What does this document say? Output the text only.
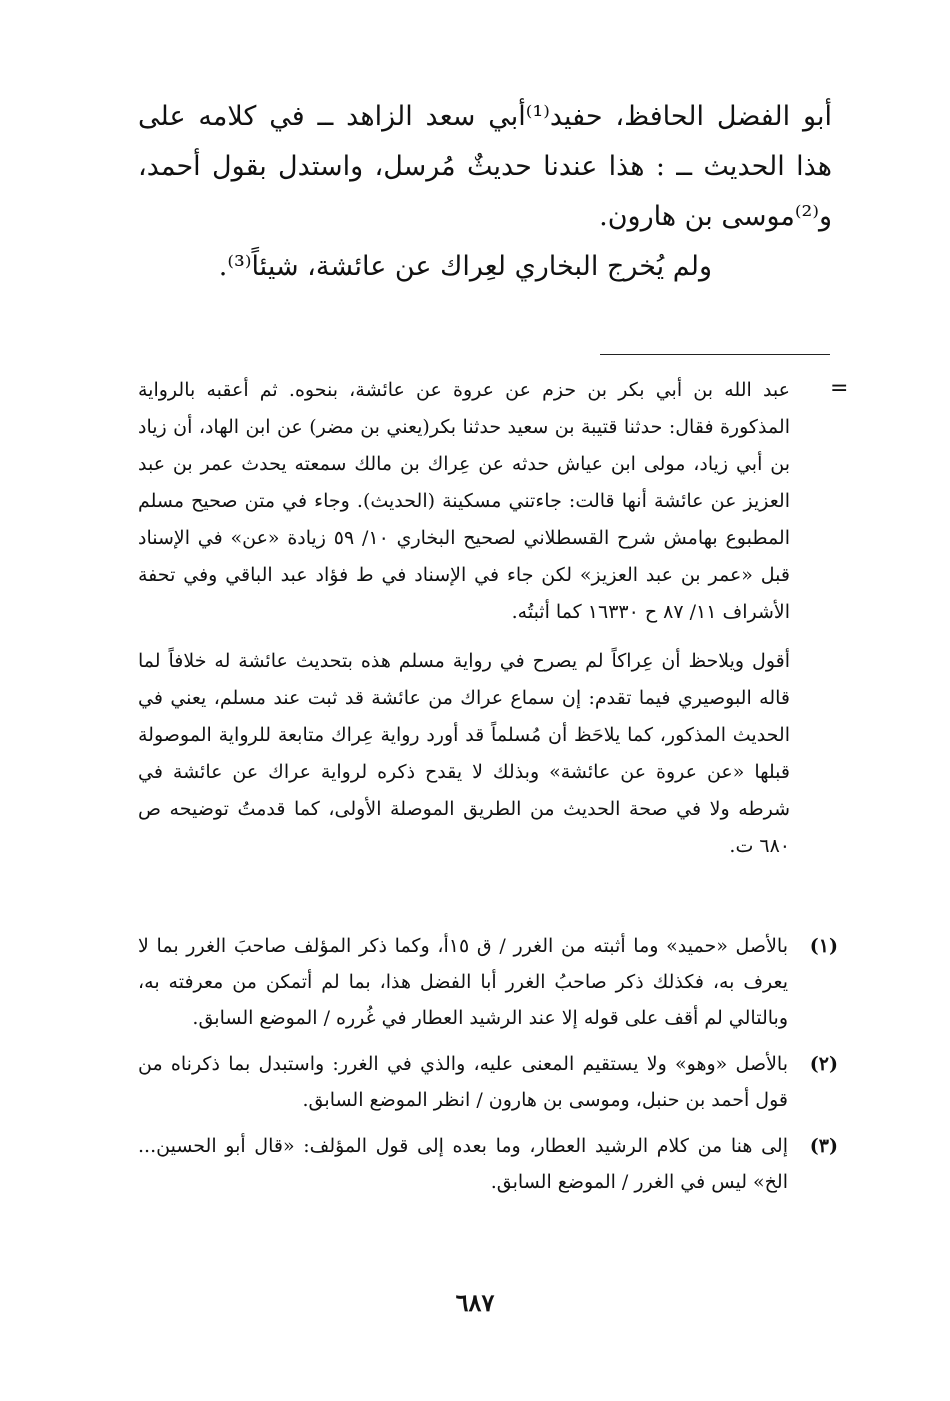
أبو الفضل الحافظ، حفيد⁽¹⁾أبي سعد الزاهد ــ في كلامه على هذا الحديث ــ : هذا عندنا حديثٌ مُرسل، واستدل بقول أحمد، و⁽²⁾موسى بن هارون.

ولم يُخرج البخاري لعِراك عن عائشة، شيئاً⁽³⁾.

=

عبد الله بن أبي بكر بن حزم عن عروة عن عائشة، بنحوه. ثم أعقبه بالرواية المذكورة فقال: حدثنا قتيبة بن سعيد حدثنا بكر(يعني بن مضر) عن ابن الهاد، أن زياد بن أبي زياد، مولى ابن عياش حدثه عن عِراك بن مالك سمعته يحدث عمر بن عبد العزيز عن عائشة أنها قالت: جاءتني مسكينة (الحديث). وجاء في متن صحيح مسلم المطبوع بهامش شرح القسطلاني لصحيح البخاري ١٠/ ٥٩ زيادة «عن» في الإسناد قبل «عمر بن عبد العزيز» لكن جاء في الإسناد في ط فؤاد عبد الباقي وفي تحفة الأشراف ١١/ ٨٧ ح ١٦٣٣٠ كما أثبتُه.

أقول ويلاحظ أن عِراكاً لم يصرح في رواية مسلم هذه بتحديث عائشة له خلافاً لما قاله البوصيري فيما تقدم: إن سماع عراك من عائشة قد ثبت عند مسلم، يعني في الحديث المذكور، كما يلاحَظ أن مُسلماً قد أورد رواية عِراك متابعة للرواية الموصولة قبلها «عن عروة عن عائشة» وبذلك لا يقدح ذكره لرواية عراك عن عائشة في شرطه ولا في صحة الحديث من الطريق الموصلة الأولى، كما قدمتُ توضيحه ص ٦٨٠ ت.

(١)
بالأصل «حميد» وما أثبته من الغرر / ق ١٥أ، وكما ذكر المؤلف صاحبَ الغرر بما لا يعرف به، فكذلك ذكر صاحبُ الغرر أبا الفضل هذا، بما لم أتمكن من معرفته به، وبالتالي لم أقف على قوله إلا عند الرشيد العطار في غُرره / الموضع السابق.
(٢)
بالأصل «وهو» ولا يستقيم المعنى عليه، والذي في الغرر: واستبدل بما ذكرناه من قول أحمد بن حنبل، وموسى بن هارون / انظر الموضع السابق.
(٣)
إلى هنا من كلام الرشيد العطار، وما بعده إلى قول المؤلف: «قال أبو الحسين... الخ» ليس في الغرر / الموضع السابق.
٦٨٧
